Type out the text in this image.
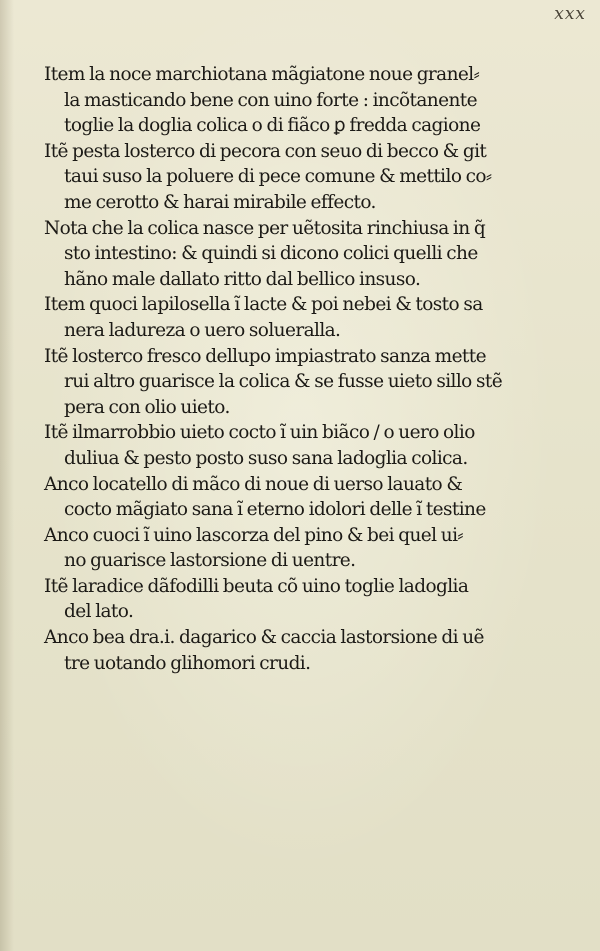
xxx
Item la noce marchiotana mãgiatone noue granel⸗
la masticando bene con uino forte : incõtanente
toglie la doglia colica o di fiãco ꝑ fredda cagione
Itẽ pesta losterco di pecora con seuo di becco & git
taui suso la poluere di pece comune & mettilo co⸗
me cerotto & harai mirabile effecto.
Nota che la colica nasce per uẽtosita rinchiusa in q̃
sto intestino: & quindi si dicono colici quelli che
hãno male dallato ritto dal bellico insuso.
Item quoci lapilosella ĩ lacte & poi nebei & tosto sa
nera ladureza o uero solueralla.
Itẽ losterco fresco dellupo impiastrato sanza mette
rui altro guarisce la colica & se fusse uieto sillo stẽ
pera con olio uieto.
Itẽ ilmarrobbio uieto cocto ĩ uin biãco / o uero olio
duliua & pesto posto suso sana ladoglia colica.
Anco locatello di mãco di noue di uerso lauato &
cocto mãgiato sana ĩ eterno idolori delle ĩ testine
Anco cuoci ĩ uino lascorza del pino & bei quel ui⸗
no guarisce lastorsione di uentre.
Itẽ laradice dãfodilli beuta cõ uino toglie ladoglia
del lato.
Anco bea dra.i. dagarico & caccia lastorsione di uẽ
tre uotando glihomori crudi.
